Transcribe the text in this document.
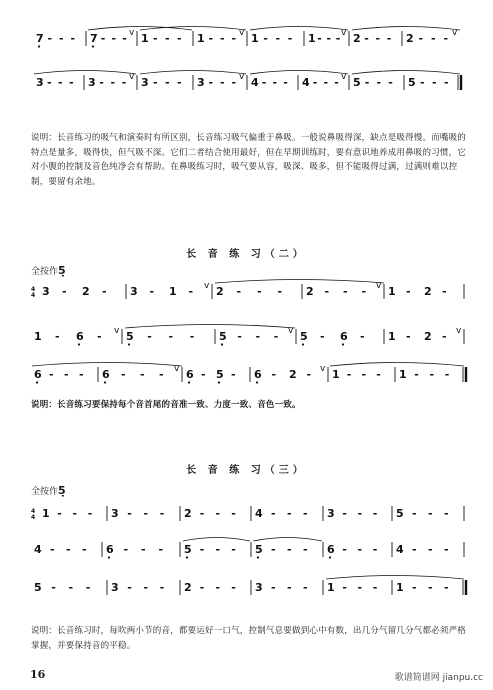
7 - - - 7 - - - v 1 - - - 1 - - - v 1 - - - 1 - - - v 2 - - - 2 - - - v
3 - - - 3 - - - v 3 - - - 3 - - - v 4 - - - 4 - - - v 5 - - - 5 - - -
4
4 3 - 2 - 3 - 1 - v 2 - - - 2 - - - v 1 - 2 -
1 - 6 - v 5 - - - 5 - - - v 5 - 6 - 1 - 2 - v
6 - - - 6 - - - v 6 - 5 - 6 - 2 - v 1 - - - 1 - - -
4
4 1 - - - 3 - - - 2 - - - 4 - - - 3 - - - 5 - - -
4 - - - 6 - - - 5 - - - 5 - - - 6 - - - 4 - - -
5 - - - 3 - - - 2 - - - 3 - - - 1 - - - 1 - - -
说明：长音练习的吸气和演奏时有所区别，长音练习吸气偏重于鼻吸。一般说鼻吸得深，缺点是吸得慢。而嘴吸的特点是量多，吸得快，但气吸不深。它们二者结合使用最好，但在早期训练时，要有意识地养成用鼻吸的习惯，它对小腹的控制及音色纯净会有帮助。在鼻吸练习时，吸气要从容，吸深、吸多，但不能吸得过满，过满则难以控制，要留有余地。
长 音 练 习（二）
全按作5̣
说明：长音练习要保持每个音首尾的音准一致、力度一致、音色一致。
长 音 练 习（三）
全按作5̣
说明：长音练习时，每吹两小节的音，都要运好一口气，控制气息要做到心中有数，出几分气留几分气都必须严格掌握，并要保持音的平稳。
16	歌谱简谱网 jianpu.cc
